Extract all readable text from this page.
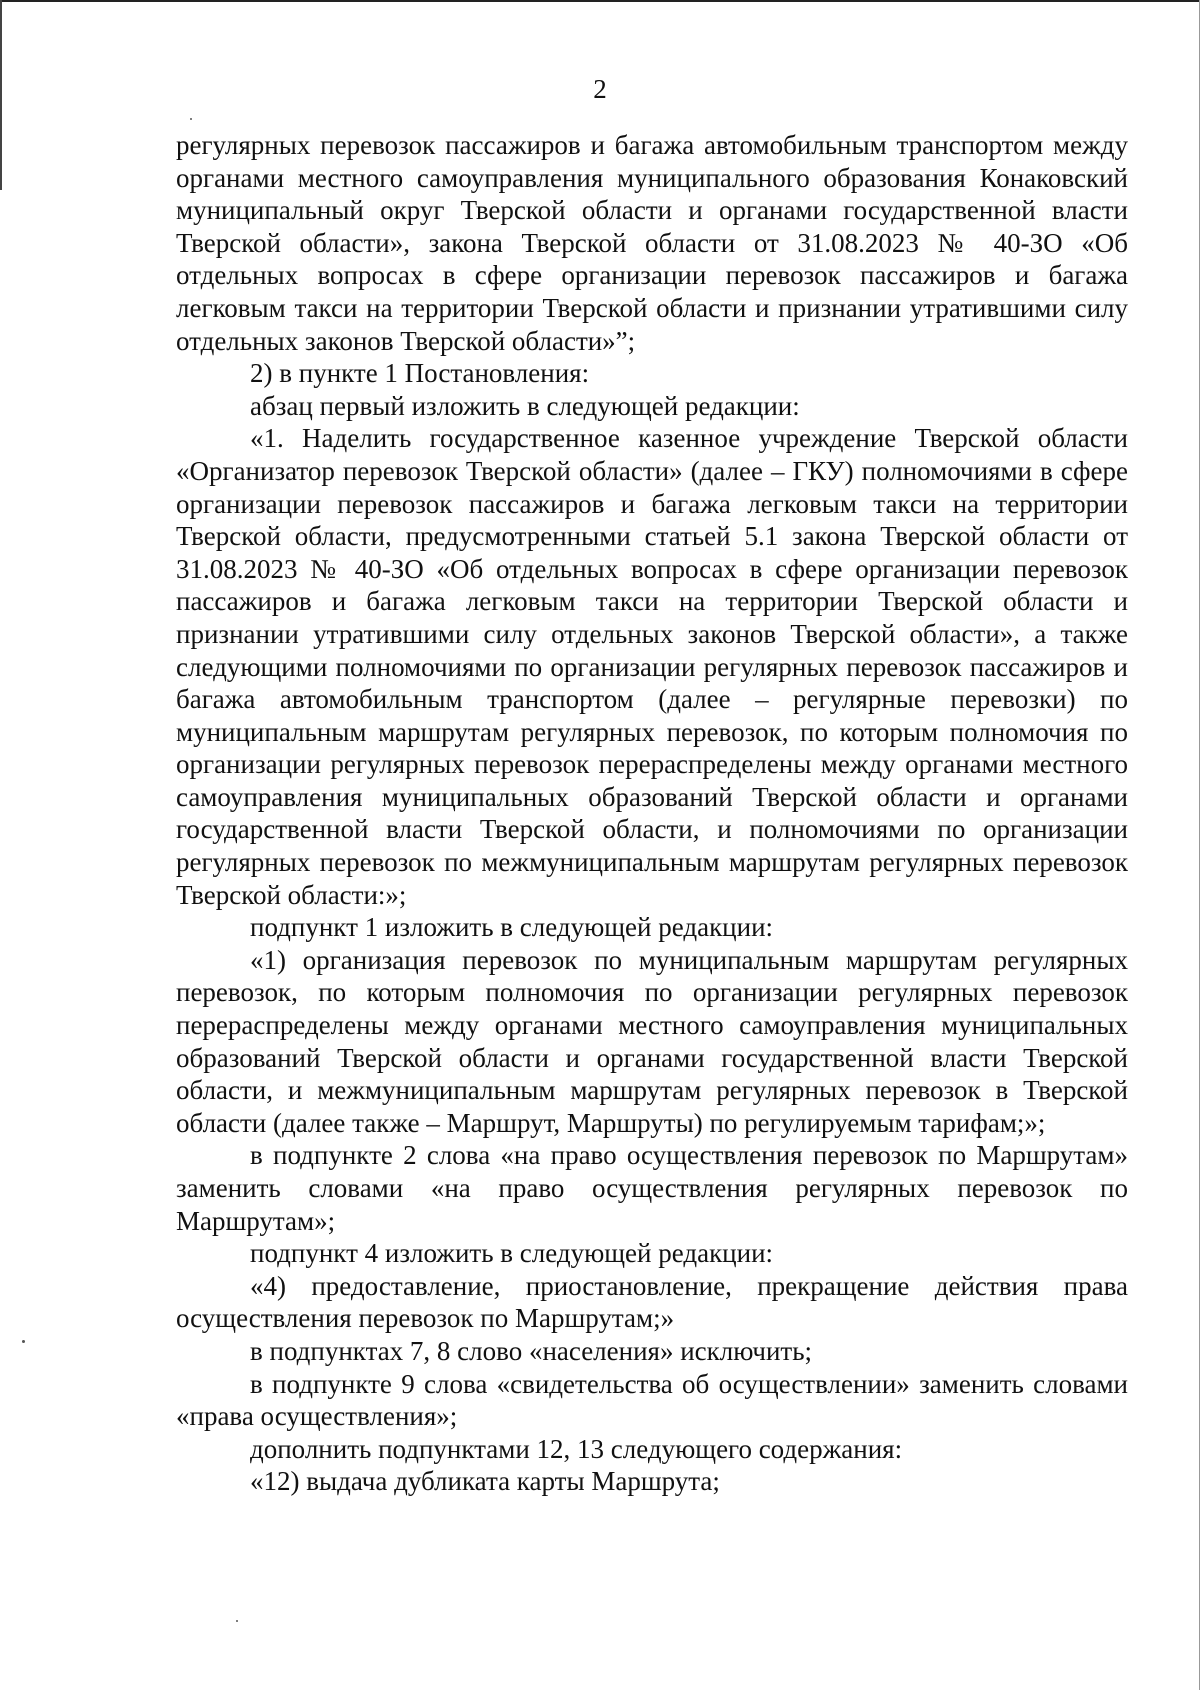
2

регулярных перевозок пассажиров и багажа автомобильным транспортом между органами местного самоуправления муниципального образования Конаковский муниципальный округ Тверской области и органами государственной власти Тверской области», закона Тверской области от 31.08.2023 № 40-ЗО «Об отдельных вопросах в сфере организации перевозок пассажиров и багажа легковым такси на территории Тверской области и признании утратившими силу отдельных законов Тверской области»”;

2) в пункте 1 Постановления:

абзац первый изложить в следующей редакции:

«1. Наделить государственное казенное учреждение Тверской области «Организатор перевозок Тверской области» (далее – ГКУ) полномочиями в сфере организации перевозок пассажиров и багажа легковым такси на территории Тверской области, предусмотренными статьей 5.1 закона Тверской области от 31.08.2023 № 40-ЗО «Об отдельных вопросах в сфере организации перевозок пассажиров и багажа легковым такси на территории Тверской области и признании утратившими силу отдельных законов Тверской области», а также следующими полномочиями по организации регулярных перевозок пассажиров и багажа автомобильным транспортом (далее – регулярные перевозки) по муниципальным маршрутам регулярных перевозок, по которым полномочия по организации регулярных перевозок перераспределены между органами местного самоуправления муниципальных образований Тверской области и органами государственной власти Тверской области, и полномочиями по организации регулярных перевозок по межмуниципальным маршрутам регулярных перевозок Тверской области:»;

подпункт 1 изложить в следующей редакции:

«1) организация перевозок по муниципальным маршрутам регулярных перевозок, по которым полномочия по организации регулярных перевозок перераспределены между органами местного самоуправления муниципальных образований Тверской области и органами государственной власти Тверской области, и межмуниципальным маршрутам регулярных перевозок в Тверской области (далее также – Маршрут, Маршруты) по регулируемым тарифам;»;

в подпункте 2 слова «на право осуществления перевозок по Маршрутам» заменить словами «на право осуществления регулярных перевозок по Маршрутам»;

подпункт 4 изложить в следующей редакции:

«4) предоставление, приостановление, прекращение действия права осуществления перевозок по Маршрутам;»

в подпунктах 7, 8 слово «населения» исключить;

в подпункте 9 слова «свидетельства об осуществлении» заменить словами «права осуществления»;

дополнить подпунктами 12, 13 следующего содержания:

«12) выдача дубликата карты Маршрута;
